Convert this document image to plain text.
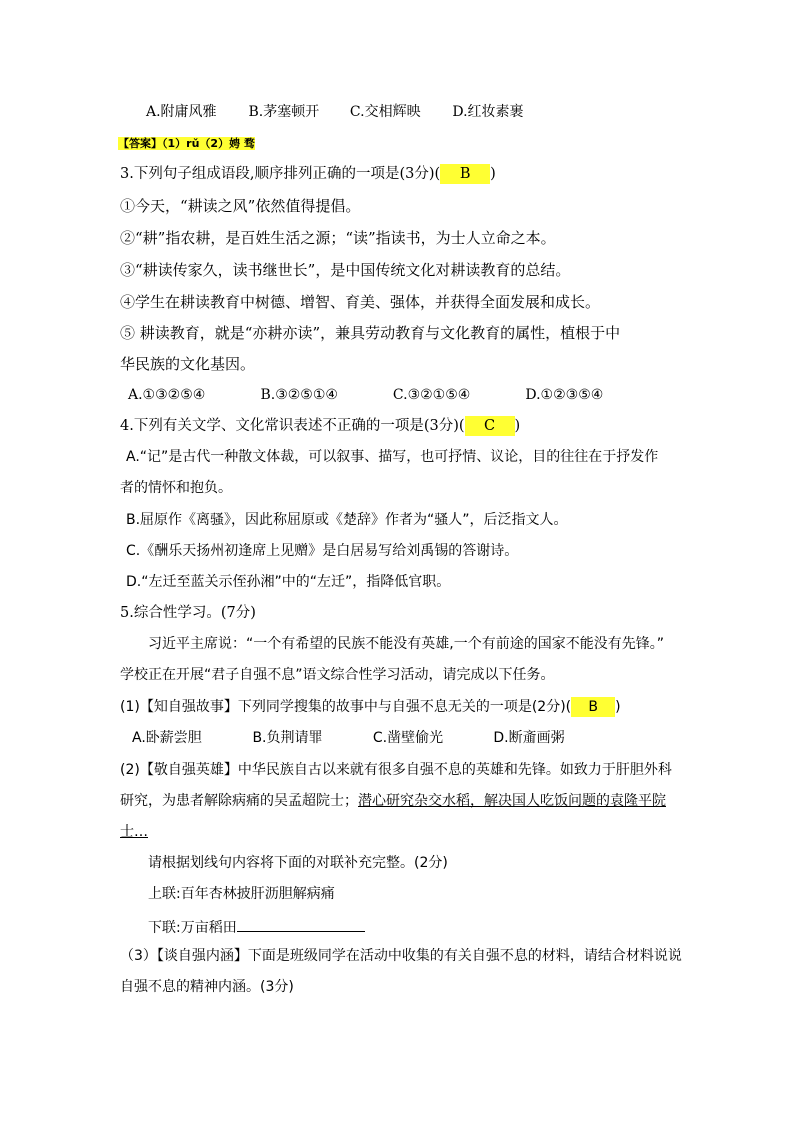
A.附庸风雅 B.茅塞顿开 C.交相辉映 D.红妆素裹
【答案】（1）rǔ（2）娉 骛
3.下列句子组成语段,顺序排列正确的一项是(3分)( B )
①今天，“耕读之风”依然值得提倡。
②“耕”指农耕，是百姓生活之源；“读”指读书，为士人立命之本。
③“耕读传家久，读书继世长”，是中国传统文化对耕读教育的总结。
④学生在耕读教育中树德、增智、育美、强体，并获得全面发展和成长。
⑤ 耕读教育，就是“亦耕亦读”，兼具劳动教育与文化教育的属性，植根于中
华民族的文化基因。
A.①③②⑤④	B.③②⑤①④	C.③②①⑤④	D.①②③⑤④
4.下列有关文学、文化常识表述不正确的一项是(3分)( C )
A.“记”是古代一种散文体裁，可以叙事、描写，也可抒情、议论，目的往往在于抒发作
者的情怀和抱负。
B.屈原作《离骚》，因此称屈原或《楚辞》作者为“骚人”，后泛指文人。
C.《酬乐天扬州初逢席上见赠》是白居易写给刘禹锡的答谢诗。
D.“左迁至蓝关示侄孙湘”中的“左迁”，指降低官职。
5.综合性学习。(7分)
习近平主席说：“一个有希望的民族不能没有英雄,一个有前途的国家不能没有先锋。”
学校正在开展“君子自强不息”语文综合性学习活动，请完成以下任务。
(1)【知自强故事】下列同学搜集的故事中与自强不息无关的一项是(2分)( B )
A.卧薪尝胆	B.负荆请罪	C.凿壁偷光	D.断齑画粥
(2)【敬自强英雄】中华民族自古以来就有很多自强不息的英雄和先锋。如致力于肝胆外科
研究，为患者解除病痛的吴孟超院士；潜心研究杂交水稻，解决国人吃饭问题的袁隆平院
士…
请根据划线句内容将下面的对联补充完整。(2分)
上联:百年杏林披肝沥胆解病痛
下联:万亩稻田
（3）【谈自强内涵】下面是班级同学在活动中收集的有关自强不息的材料，请结合材料说说
自强不息的精神内涵。(3分)
